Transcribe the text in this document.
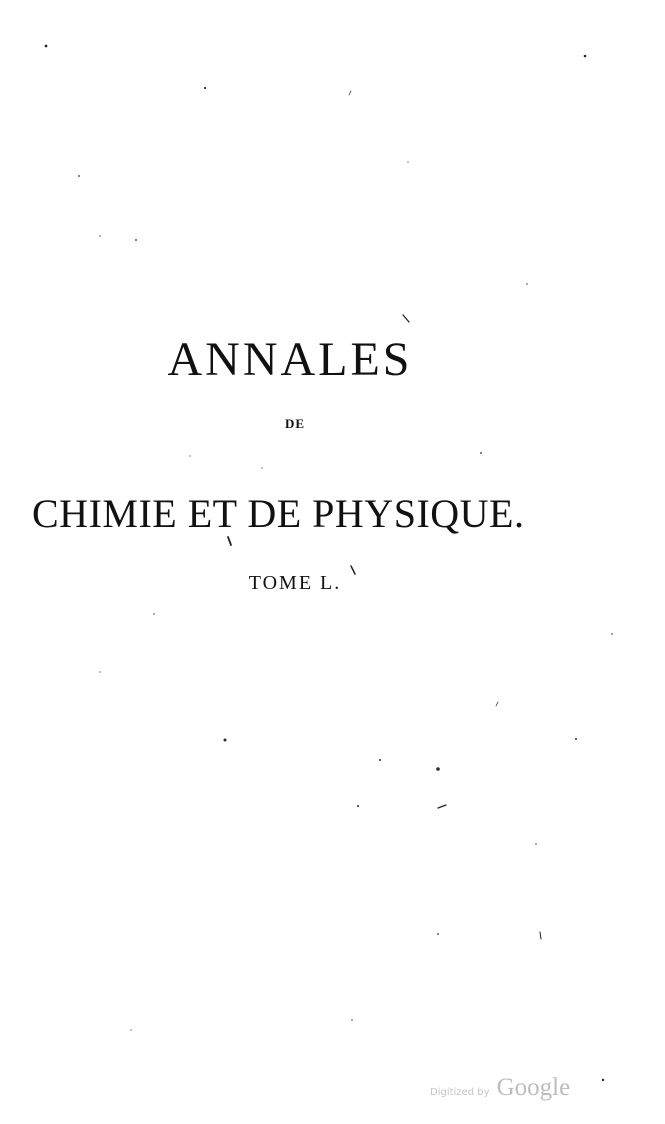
ANNALES
DE
CHIMIE ET DE PHYSIQUE.
TOME L.
Digitized by Google
